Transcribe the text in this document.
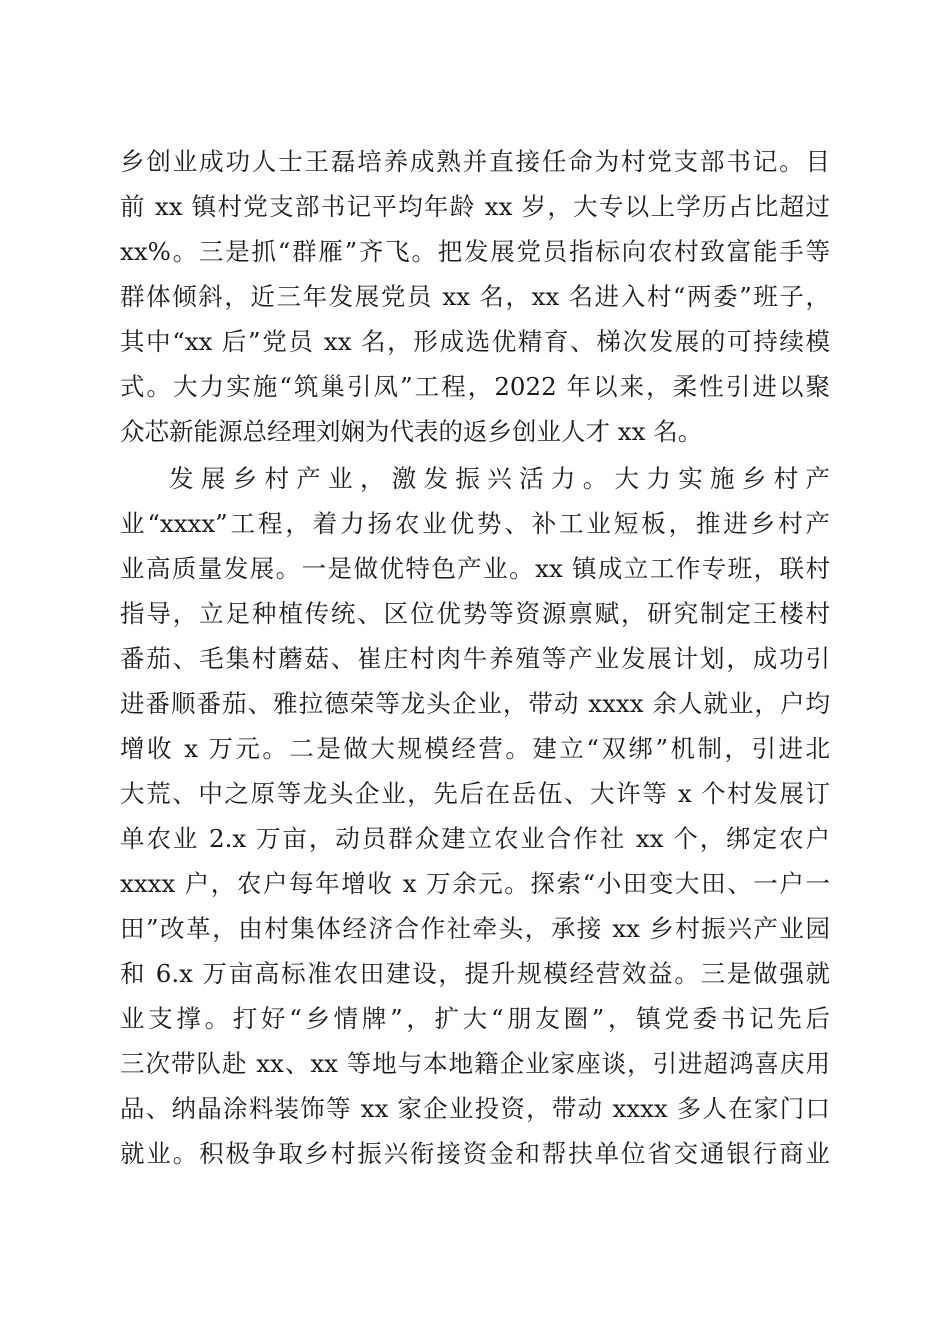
乡创业成功人士王磊培养成熟并直接任命为村党支部书记。目
前 xx 镇村党支部书记平均年龄 xx 岁，大专以上学历占比超过
xx%。三是抓“群雁”齐飞。把发展党员指标向农村致富能手等
群体倾斜，近三年发展党员 xx 名，xx 名进入村“两委”班子，
其中“xx 后”党员 xx 名，形成选优精育、梯次发展的可持续模
式。大力实施“筑巢引凤”工程，2022 年以来，柔性引进以聚
众芯新能源总经理刘娴为代表的返乡创业人才 xx 名。
发展乡村产业，激发振兴活力。大力实施乡村产
业“xxxx”工程，着力扬农业优势、补工业短板，推进乡村产
业高质量发展。一是做优特色产业。xx 镇成立工作专班，联村
指导，立足种植传统、区位优势等资源禀赋，研究制定王楼村
番茄、毛集村蘑菇、崔庄村肉牛养殖等产业发展计划，成功引
进番顺番茄、雅拉德荣等龙头企业，带动 xxxx 余人就业，户均
增收 x 万元。二是做大规模经营。建立“双绑”机制，引进北
大荒、中之原等龙头企业，先后在岳伍、大许等 x 个村发展订
单农业 2.x 万亩，动员群众建立农业合作社 xx 个，绑定农户
xxxx 户，农户每年增收 x 万余元。探索“小田变大田、一户一
田”改革，由村集体经济合作社牵头，承接 xx 乡村振兴产业园
和 6.x 万亩高标准农田建设，提升规模经营效益。三是做强就
业支撑。打好“乡情牌”，扩大“朋友圈”，镇党委书记先后
三次带队赴 xx、xx 等地与本地籍企业家座谈，引进超鸿喜庆用
品、纳晶涂料装饰等 xx 家企业投资，带动 xxxx 多人在家门口
就业。积极争取乡村振兴衔接资金和帮扶单位省交通银行商业
